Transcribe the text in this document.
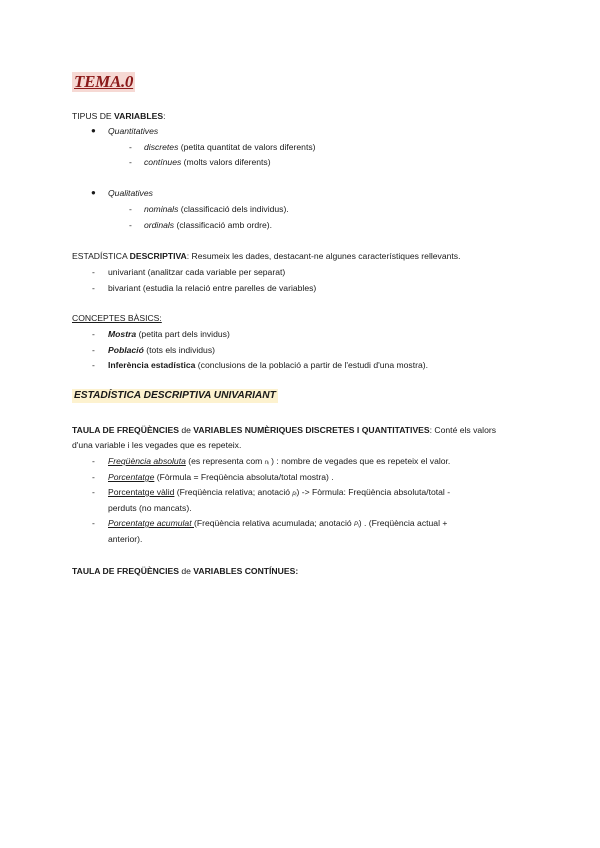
TEMA.0
TIPUS DE VARIABLES:
● Quantitatives
- discretes (petita quantitat de valors diferents)
- contínues (molts valors diferents)
● Qualitatives
- nominals (classificació dels individus).
- ordinals (classificació amb ordre).
ESTADÍSTICA DESCRIPTIVA: Resumeix les dades, destacant-ne algunes característiques rellevants.
- univariant (analitzar cada variable per separat)
- bivariant (estudia la relació entre parelles de variables)
CONCEPTES BÀSICS:
- Mostra (petita part dels invidus)
- Població (tots els individus)
- Inferència estadística (conclusions de la població a partir de l'estudi d'una mostra).
ESTADÍSTICA DESCRIPTIVA UNIVARIANT
TAULA DE FREQÜÈNCIES de VARIABLES NUMÈRIQUES DISCRETES I QUANTITATIVES: Conté els valors
d'una variable i les vegades que es repeteix.
- Freqüència absoluta (es representa com nᵢ ) : nombre de vegades que es repeteix el valor.
- Porcentatge (Fòrmula = Freqüència absoluta/total mostra) .
- Porcentatge vàlid (Freqüència relativa; anotació pᵢ) -> Fòrmula: Freqüència absoluta/total -
perduts (no mancats).
- Porcentatge acumulat (Freqüència relativa acumulada; anotació Pᵢ) . (Freqüència actual +
anterior).
TAULA DE FREQÜÈNCIES de VARIABLES CONTÍNUES:
